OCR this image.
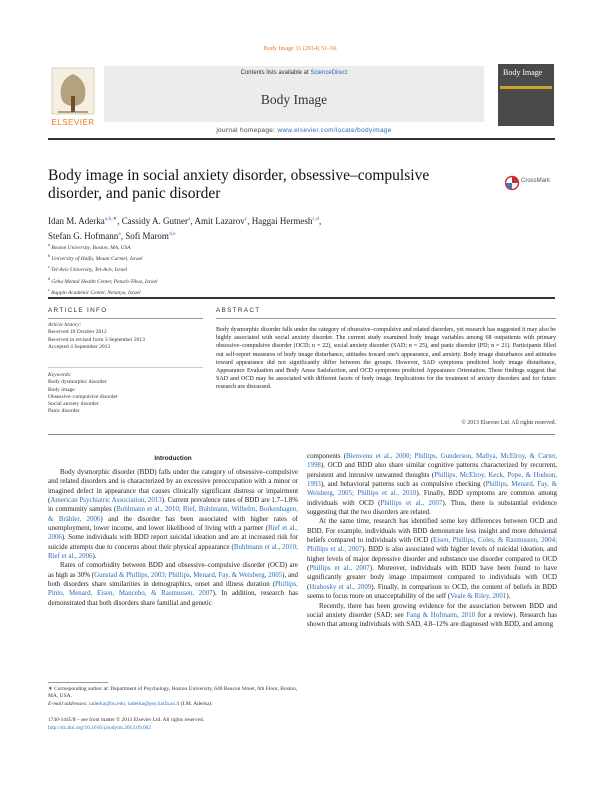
Body Image 11 (2014) 51–56
ELSEVIER
Contents lists available at ScienceDirect
Body Image
Body Image
journal homepage: www.elsevier.com/locate/bodyimage
Body image in social anxiety disorder, obsessive–compulsive disorder, and panic disorder
CrossMark
Idan M. Aderka$^{a,b,∗}$, Cassidy A. Gutner$^a$, Amit Lazarov$^c$, Haggai Hermesh$^{c,d}$,
Stefan G. Hofmann$^a$, Sofi Marom$^{d,e}$
$^a$ Boston University, Boston, MA, USA
$^b$ University of Haifa, Mount Carmel, Israel
$^c$ Tel-Aviv University, Tel-Aviv, Israel
$^d$ Geha Mental Health Center, Petach-Tikva, Israel
$^e$ Ruppin Academic Center, Netanya, Israel
ARTICLE INFO	ABSTRACT
Article history:
Received 10 October 2012
Received in revised form 3 September 2013
Accepted 4 September 2013
Keywords:
Body dysmorphic disorder
Body image
Obsessive–compulsive disorder
Social anxiety disorder
Panic disorder
Body dysmorphic disorder falls under the category of obsessive–compulsive and related disorders, yet research has suggested it may also be highly associated with social anxiety disorder. The current study examined body image variables among 68 outpatients with primary obsessive–compulsive disorder (OCD; n = 22), social anxiety disorder (SAD; n = 25), and panic disorder (PD; n = 21). Participants filled out self-report measures of body image disturbance, attitudes toward one's appearance, and anxiety. Body image disturbance and attitudes toward appearance did not significantly differ between the groups. However, SAD symptoms predicted body image disturbance, Appearance Evaluation and Body Areas Satisfaction, and OCD symptoms predicted Appearance Orientation. These findings suggest that SAD and OCD may be associated with different facets of body image. Implications for the treatment of anxiety disorders and for future research are discussed.
© 2013 Elsevier Ltd. All rights reserved.
Introduction

Body dysmorphic disorder (BDD) falls under the category of obsessive–compulsive and related disorders and is characterized by an excessive preoccupation with a minor or imagined defect in appearance that causes clinically significant distress or impairment (American Psychiatric Association, 2013). Current prevalence rates of BDD are 1.7–1.8% in community samples (Buhlmann et al., 2010; Rief, Buhlmann, Wilhelm, Borkenhagen, & Brähler, 2006) and the disorder has been associated with higher rates of unemployment, lower income, and lower likelihood of living with a partner (Rief et al., 2006). Some individuals with BDD report suicidal ideation and are at increased risk for suicide attempts due to concerns about their physical appearance (Buhlmann et al., 2010; Rief et al., 2006).

Rates of comorbidity between BDD and obsessive–compulsive disorder (OCD) are as high as 30% (Gunstad & Phillips, 2003; Phillips, Menard, Fay, & Weisberg, 2005), and both disorders share similarities in demographics, onset and illness duration (Phillips, Pinto, Menard, Eisen, Mancebo, & Rasmussen, 2007). In addition, research has demonstrated that both disorders share familial and genetic

components (Bienvenu et al., 2000; Phillips, Gunderson, Mallya, McElroy, & Carter, 1998). OCD and BDD also share similar cognitive patterns characterized by recurrent, persistent and intrusive unwanted thoughts (Phillips, McElroy, Keck, Pope, & Hudson, 1993), and behavioral patterns such as compulsive checking (Phillips, Menard, Fay, & Weisberg, 2005; Phillips et al., 2010). Finally, BDD symptoms are common among individuals with OCD (Phillips et al., 2007). Thus, there is substantial evidence suggesting that the two disorders are related.

At the same time, research has identified some key differences between OCD and BDD. For example, individuals with BDD demonstrate less insight and more delusional beliefs compared to individuals with OCD (Eisen, Phillips, Coles, & Rasmussen, 2004; Phillips et al., 2007). BDD is also associated with higher levels of suicidal ideation, and higher levels of major depressive disorder and substance use disorder compared to OCD (Phillips et al., 2007). Moreover, individuals with BDD have been found to have significantly greater body image impairment compared to individuals with OCD (Hrabosky et al., 2009). Finally, in comparison to OCD, the content of beliefs in BDD seems to focus more on unacceptability of the self (Veale & Riley, 2001).

Recently, there has been growing evidence for the association between BDD and social anxiety disorder (SAD; see Fang & Hofmann, 2010 for a review). Research has shown that among individuals with SAD, 4.8–12% are diagnosed with BDD, and among

∗ Corresponding author at: Department of Psychology, Boston University, 648 Beacon Street, 6th Floor, Boston, MA, USA.
E-mail addresses: iaderka@bu.edu, iaderka@psy.haifa.ac.il (I.M. Aderka).
1740-1445/$ – see front matter © 2013 Elsevier Ltd. All rights reserved.
http://dx.doi.org/10.1016/j.bodyim.2013.09.002
